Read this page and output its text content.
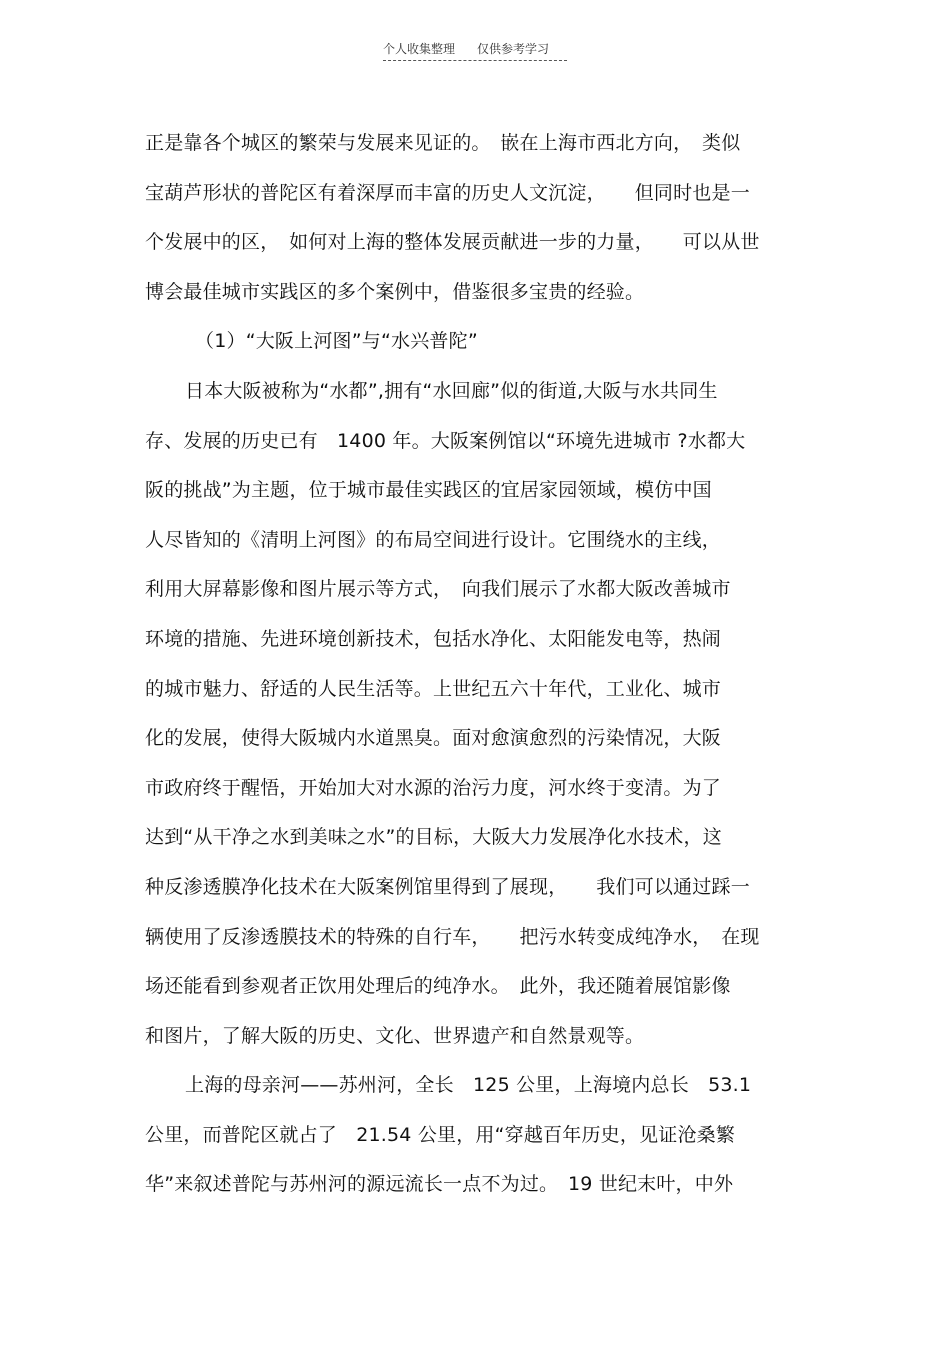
个人收集整理 仅供参考学习
正是靠各个城区的繁荣与发展来见证的。　嵌在上海市西北方向，　类似
宝葫芦形状的普陀区有着深厚而丰富的历史人文沉淀，　　但同时也是一
个发展中的区，　如何对上海的整体发展贡献进一步的力量，　　可以从世
博会最佳城市实践区的多个案例中，借鉴很多宝贵的经验。
（1）“大阪上河图”与“水兴普陀”
日本大阪被称为“水都”,拥有“水回廊”似的街道,大阪与水共同生
存、发展的历史已有　1400 年。大阪案例馆以“环境先进城市 ?水都大
阪的挑战”为主题，位于城市最佳实践区的宜居家园领域，模仿中国
人尽皆知的《清明上河图》的布局空间进行设计。它围绕水的主线，
利用大屏幕影像和图片展示等方式，　向我们展示了水都大阪改善城市
环境的措施、先进环境创新技术，包括水净化、太阳能发电等，热闹
的城市魅力、舒适的人民生活等。上世纪五六十年代，工业化、城市
化的发展，使得大阪城内水道黑臭。面对愈演愈烈的污染情况，大阪
市政府终于醒悟，开始加大对水源的治污力度，河水终于变清。为了
达到“从干净之水到美味之水”的目标，大阪大力发展净化水技术，这
种反渗透膜净化技术在大阪案例馆里得到了展现，　　我们可以通过踩一
辆使用了反渗透膜技术的特殊的自行车，　　把污水转变成纯净水，　在现
场还能看到参观者正饮用处理后的纯净水。　此外，我还随着展馆影像
和图片，了解大阪的历史、文化、世界遗产和自然景观等。
上海的母亲河——苏州河，全长　125 公里，上海境内总长　53.1
公里，而普陀区就占了　21.54 公里，用“穿越百年历史，见证沧桑繁
华”来叙述普陀与苏州河的源远流长一点不为过。　19 世纪末叶，中外
